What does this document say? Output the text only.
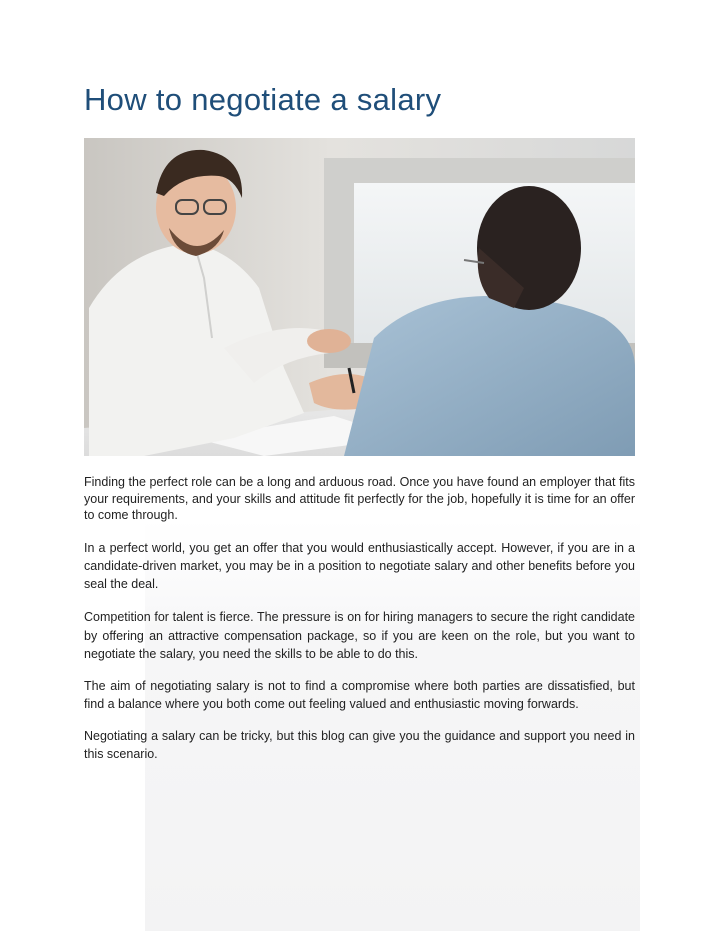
How to negotiate a salary

Finding the perfect role can be a long and arduous road. Once you have found an employer that fits your requirements, and your skills and attitude fit perfectly for the job, hopefully it is time for an offer to come through.

In a perfect world, you get an offer that you would enthusiastically accept. However, if you are in a candidate-driven market, you may be in a position to negotiate salary and other benefits before you seal the deal.

Competition for talent is fierce. The pressure is on for hiring managers to secure the right candidate by offering an attractive compensation package, so if you are keen on the role, but you want to negotiate the salary, you need the skills to be able to do this.

The aim of negotiating salary is not to find a compromise where both parties are dissatisfied, but find a balance where you both come out feeling valued and enthusiastic moving forwards.

Negotiating a salary can be tricky, but this blog can give you the guidance and support you need in this scenario.
